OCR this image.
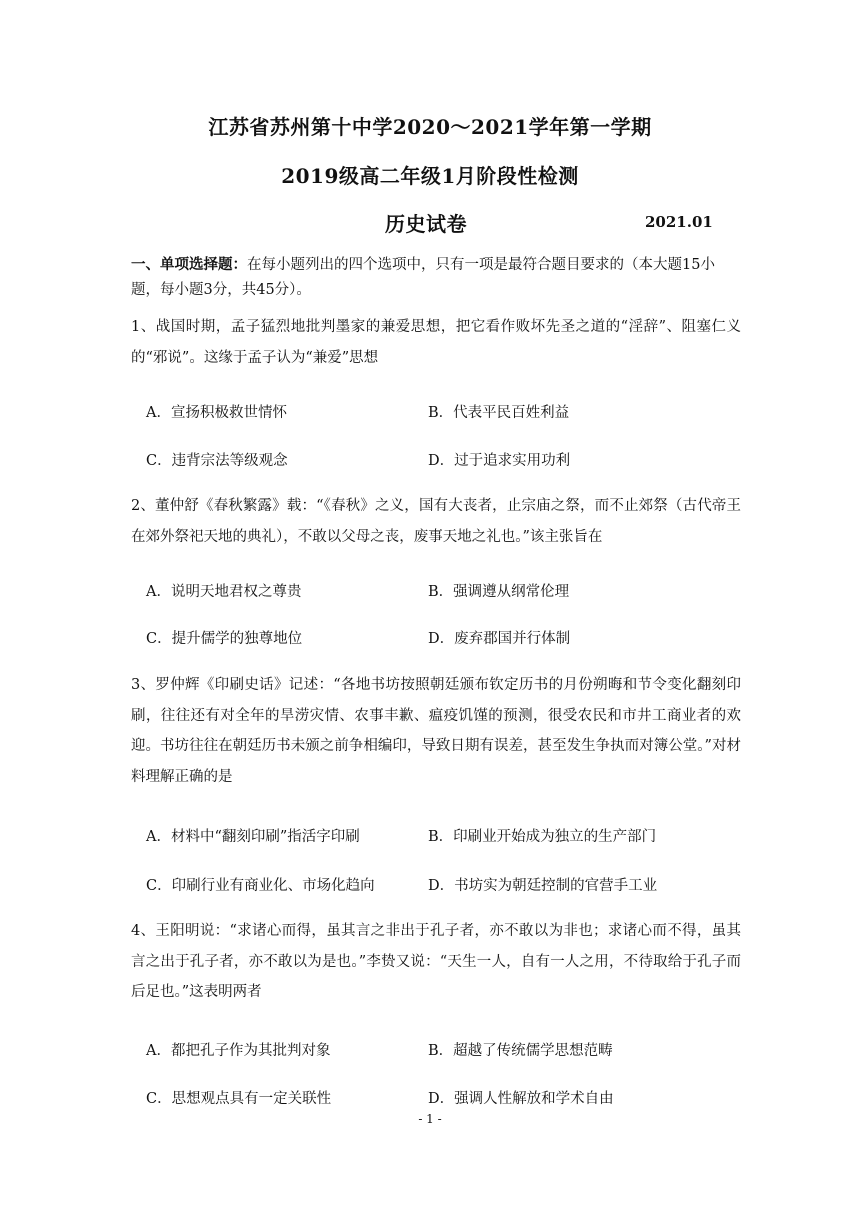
江苏省苏州第十中学2020～2021学年第一学期
2019级高二年级1月阶段性检测
历史试卷	2021.01
一、单项选择题：在每小题列出的四个选项中，只有一项是最符合题目要求的（本大题15小题，每小题3分，共45分）。
1、战国时期，孟子猛烈地批判墨家的兼爱思想，把它看作败坏先圣之道的“淫辞”、阻塞仁义的“邪说”。这缘于孟子认为“兼爱”思想
A．宣扬积极救世情怀	B．代表平民百姓利益
C．违背宗法等级观念	D．过于追求实用功利
2、董仲舒《春秋繁露》载：“《春秋》之义，国有大丧者，止宗庙之祭，而不止郊祭（古代帝王在郊外祭祀天地的典礼），不敢以父母之丧，废事天地之礼也。”该主张旨在
A．说明天地君权之尊贵	B．强调遵从纲常伦理
C．提升儒学的独尊地位	D．废弃郡国并行体制
3、罗仲辉《印刷史话》记述：“各地书坊按照朝廷颁布钦定历书的月份朔晦和节令变化翻刻印刷，往往还有对全年的旱涝灾情、农事丰歉、瘟疫饥馑的预测，很受农民和市井工商业者的欢迎。书坊往往在朝廷历书未颁之前争相编印，导致日期有误差，甚至发生争执而对簿公堂。”对材料理解正确的是
A．材料中“翻刻印刷”指活字印刷	B．印刷业开始成为独立的生产部门
C．印刷行业有商业化、市场化趋向	D．书坊实为朝廷控制的官营手工业
4、王阳明说：“求诸心而得，虽其言之非出于孔子者，亦不敢以为非也；求诸心而不得，虽其言之出于孔子者，亦不敢以为是也。”李贽又说：“天生一人，自有一人之用，不待取给于孔子而后足也。”这表明两者
A．都把孔子作为其批判对象	B．超越了传统儒学思想范畴
C．思想观点具有一定关联性	D．强调人性解放和学术自由
- 1 -
